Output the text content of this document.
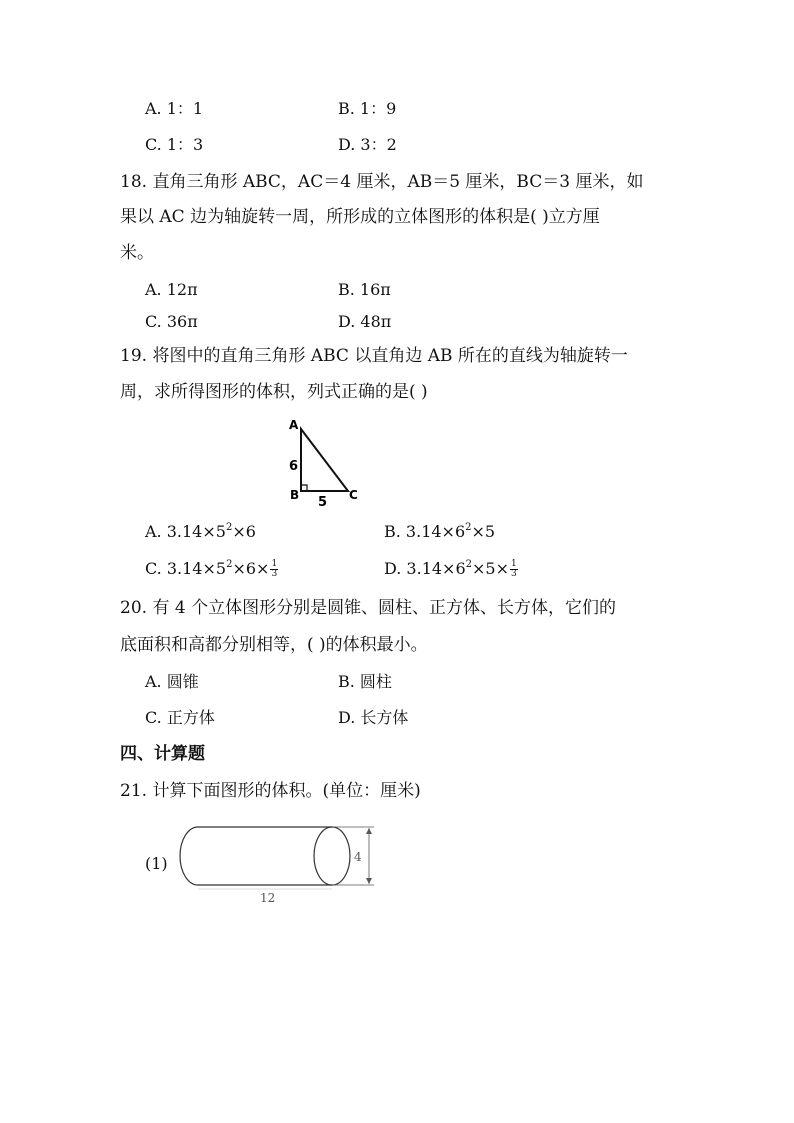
A. 1：1	B. 1：9
C. 1：3	D. 3：2
18. 直角三角形 ABC，AC＝4 厘米，AB＝5 厘米，BC＝3 厘米，如
果以 AC 边为轴旋转一周，所形成的立体图形的体积是( )立方厘
米。
A. 12π	B. 16π
C. 36π	D. 48π
19. 将图中的直角三角形 ABC 以直角边 AB 所在的直线为轴旋转一
周，求所得图形的体积，列式正确的是( )
A
B	C
6
5
A. $3.14\times 5^2\times 6$	B. $3.14\times 6^2\times 5$
C. $3.14\times 5^2\times 6\times \frac{1}{3}$	D. $3.14\times 6^2\times 5\times \frac{1}{3}$
20. 有 4 个立体图形分别是圆锥、圆柱、正方体、长方体，它们的
底面积和高都分别相等，( )的体积最小。
A. 圆锥	B. 圆柱
C. 正方体	D. 长方体
四、计算题
21. 计算下面图形的体积。(单位：厘米)
(1)	4
12
